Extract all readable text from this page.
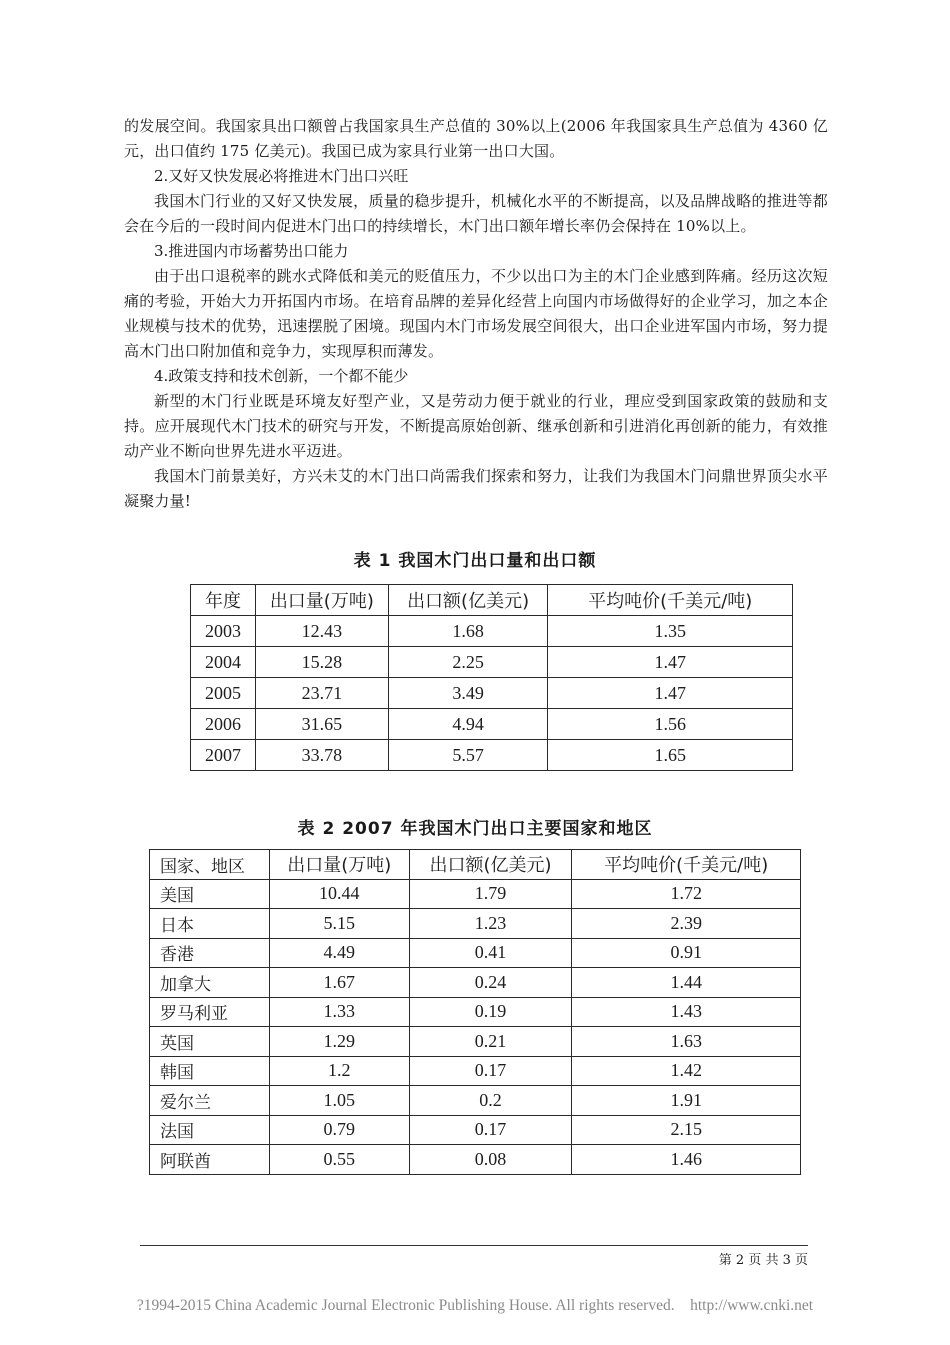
的发展空间。我国家具出口额曾占我国家具生产总值的 30%以上(2006 年我国家具生产总值为 4360 亿元，出口值约 175 亿美元)。我国已成为家具行业第一出口大国。

2.又好又快发展必将推进木门出口兴旺

我国木门行业的又好又快发展，质量的稳步提升，机械化水平的不断提高，以及品牌战略的推进等都会在今后的一段时间内促进木门出口的持续增长，木门出口额年增长率仍会保持在 10%以上。

3.推进国内市场蓄势出口能力

由于出口退税率的跳水式降低和美元的贬值压力，不少以出口为主的木门企业感到阵痛。经历这次短痛的考验，开始大力开拓国内市场。在培育品牌的差异化经营上向国内市场做得好的企业学习，加之本企业规模与技术的优势，迅速摆脱了困境。现国内木门市场发展空间很大，出口企业进军国内市场，努力提高木门出口附加值和竞争力，实现厚积而薄发。

4.政策支持和技术创新，一个都不能少

新型的木门行业既是环境友好型产业，又是劳动力便于就业的行业，理应受到国家政策的鼓励和支持。应开展现代木门技术的研究与开发，不断提高原始创新、继承创新和引进消化再创新的能力，有效推动产业不断向世界先进水平迈进。

我国木门前景美好，方兴未艾的木门出口尚需我们探索和努力，让我们为我国木门问鼎世界顶尖水平凝聚力量!

表 1 我国木门出口量和出口额
年度	出口量(万吨)	出口额(亿美元)	平均吨价(千美元/吨)
2003	12.43	1.68	1.35
2004	15.28	2.25	1.47
2005	23.71	3.49	1.47
2006	31.65	4.94	1.56
2007	33.78	5.57	1.65
表 2 2007 年我国木门出口主要国家和地区
国家、地区	出口量(万吨)	出口额(亿美元)	平均吨价(千美元/吨)
美国	10.44	1.79	1.72
日本	5.15	1.23	2.39
香港	4.49	0.41	0.91
加拿大	1.67	0.24	1.44
罗马利亚	1.33	0.19	1.43
英国	1.29	0.21	1.63
韩国	1.2	0.17	1.42
爱尔兰	1.05	0.2	1.91
法国	0.79	0.17	2.15
阿联酋	0.55	0.08	1.46
第 2 页 共 3 页
?1994-2015 China Academic Journal Electronic Publishing House. All rights reserved.    http://www.cnki.net
